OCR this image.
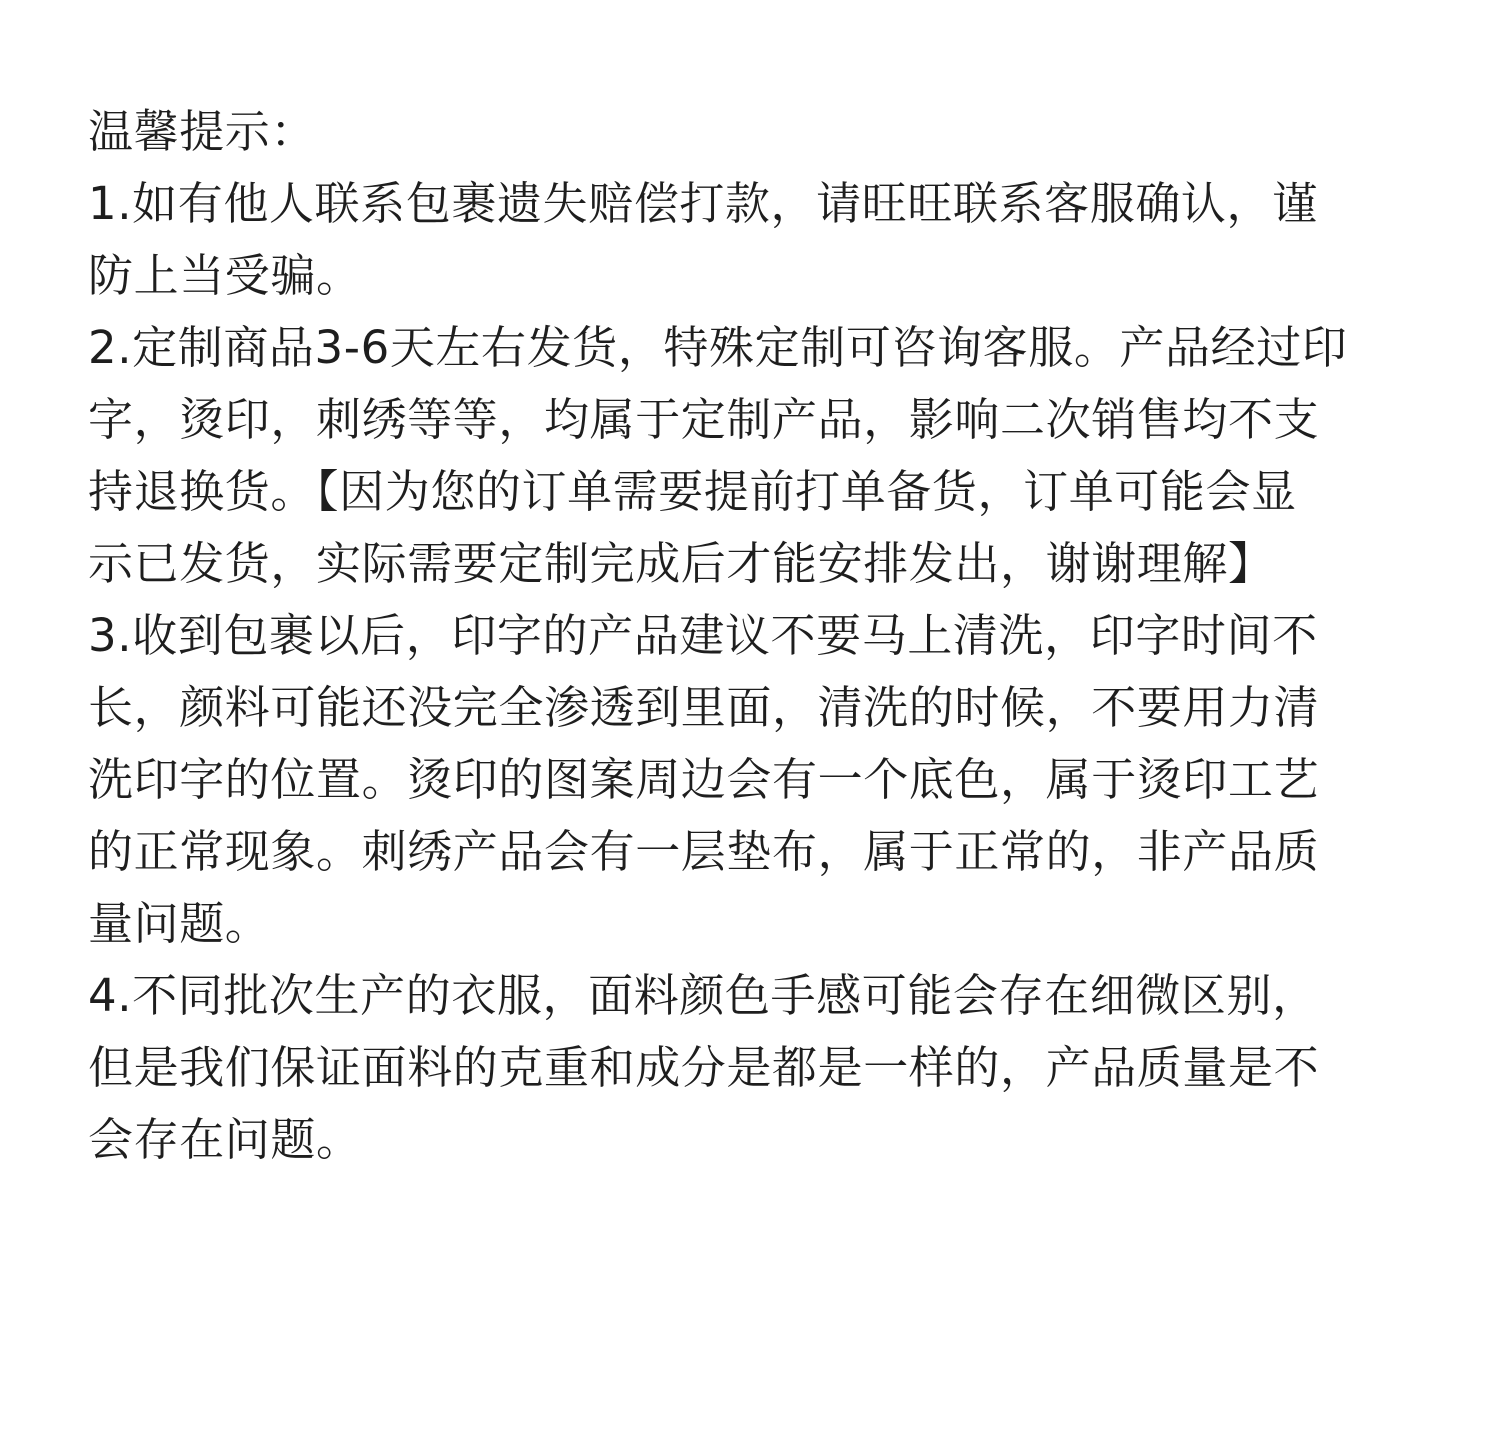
温馨提示：
1.如有他人联系包裹遗失赔偿打款，请旺旺联系客服确认，谨
防上当受骗。
2.定制商品3-6天左右发货，特殊定制可咨询客服。产品经过印
字，烫印，刺绣等等，均属于定制产品，影响二次销售均不支
持退换货。【因为您的订单需要提前打单备货，订单可能会显
示已发货，实际需要定制完成后才能安排发出，谢谢理解】
3.收到包裹以后，印字的产品建议不要马上清洗，印字时间不
长，颜料可能还没完全渗透到里面，清洗的时候，不要用力清
洗印字的位置。烫印的图案周边会有一个底色，属于烫印工艺
的正常现象。刺绣产品会有一层垫布，属于正常的，非产品质
量问题。
4.不同批次生产的衣服，面料颜色手感可能会存在细微区别，
但是我们保证面料的克重和成分是都是一样的，产品质量是不
会存在问题。
